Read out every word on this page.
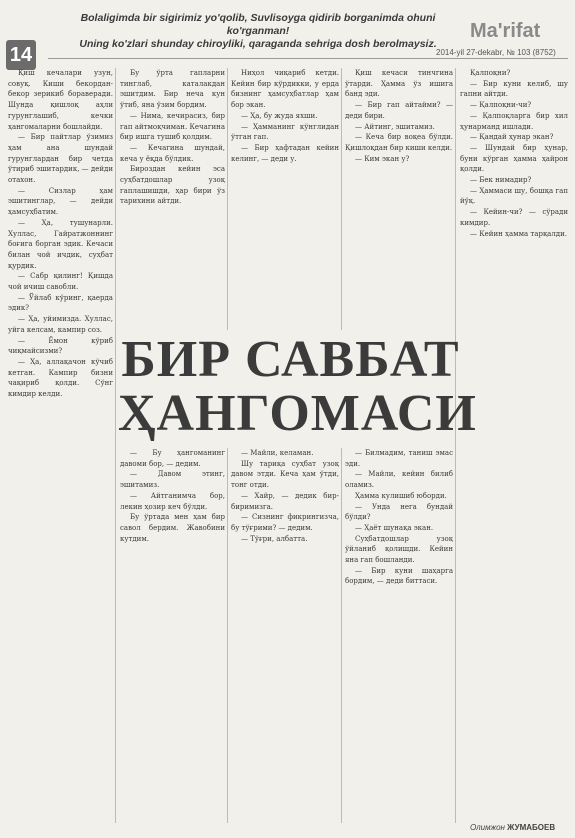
14
Bolaligimda bir sigirimiz yo'qolib, Suvlisoyga qidirib borganimda ohuni ko'rganman!
Uning ko'zlari shunday chiroyliki, qaraganda sehriga dosh berolmaysiz.
Ma'rifat
2014-yil 27-dekabr, № 103 (8752)

Қиш кечалари узун, совуқ. Киши бекордан-бекор зерикиб бораверади. Шунда қишлоқ аҳли гурунглашиб, кечки ҳангомаларни бошлайди.

— Бир пайтлар ўзимиз ҳам ана шундай гурунглардан бир четда ўтириб эшитардик, — дейди отахон.

— Сизлар ҳам эшитинглар, — дейди ҳамсуҳбатим.

— Ҳа, тушунарли. Хуллас, Гайратжоннинг боғига борган эдик. Кечаси билан чой ичдик, суҳбат қурдик.

— Сабр қилинг! Қишда чой ичиш савобли.

— Ўйлаб кўринг, қаерда эдик?

— Ҳа, уйимизда. Хуллас, уйга келсам, кампир соз.

— Ёмон кўриб чиқмайсизми?

— Ҳа, аллақачон кўчиб кетган. Кампир бизни чақириб қолди. Сўнг кимдир келди.

Бу ўрта гапларни тинглаб, каталакдан эшитдим. Бир неча кун ўтиб, яна ўзим бордим.

— Нима, кечирасиз, бир гап айтмоқчиман. Кечагина бир ишга тушиб қолдим.

— Кечагина шундай, кеча у ёқда бўлдик.

Бироздан кейин эса суҳбатдошлар узоқ гаплашишди, ҳар бири ўз тарихини айтди.

Ниҳол чиқариб кетди. Кейин бир кўрдикки, у ерда бизнинг ҳамсуҳбатлар ҳам бор экан.

— Ҳа, бу жуда яхши.

— Ҳамманинг кўнглидан ўтган гап.

— Бир ҳафтадан кейин келинг, — деди у.

Қиш кечаси тинчгина ўтарди. Ҳамма ўз ишига банд эди.

— Бир гап айтайми? — деди бири.

— Айтинг, эшитамиз.

— Кеча бир воқеа бўлди. Қишлоқдан бир киши келди.

— Ким экан у?

Қалпоқни?

— Бир куни келиб, шу гапни айтди.

— Қалпоқни-чи?

— Қалпоқларга бир хил ҳунарманд ишлади.

— Қандай ҳунар экан?

— Шундай бир ҳунар, буни кўрган ҳамма ҳайрон қолди.

— Бек нимадир?

— Ҳаммаси шу, бошқа гап йўқ.

— Кейин-чи? — сўради кимдир.

— Кейин ҳамма тарқалди.

БИР САВБАТ
ҲАНГОМАСИ

— Бу ҳангоманинг давоми бор, — дедим.

— Давом этинг, эшитамиз.

— Айтганимча бор, лекин ҳозир кеч бўлди.

Бу ўртада мен ҳам бир савол бердим. Жавобини кутдим.

— Майли, келаман.

Шу тариқа суҳбат узоқ давом этди. Кеча ҳам ўтди, тонг отди.

— Хайр, — дедик бир-биримизга.

— Сизнинг фикрингизча, бу тўғрими? — дедим.

— Тўғри, албатта.

— Билмадим, таниш эмас эди.

— Майли, кейин билиб оламиз.

Ҳамма кулишиб юборди.

— Унда нега бундай бўлди?

— Ҳаёт шунақа экан.

Суҳбатдошлар узоқ ўйланиб қолишди. Кейин яна гап бошланди.

— Бир куни шаҳарга бордим, — деди биттаси.

Олимжон ЖУМАБОЕВ
